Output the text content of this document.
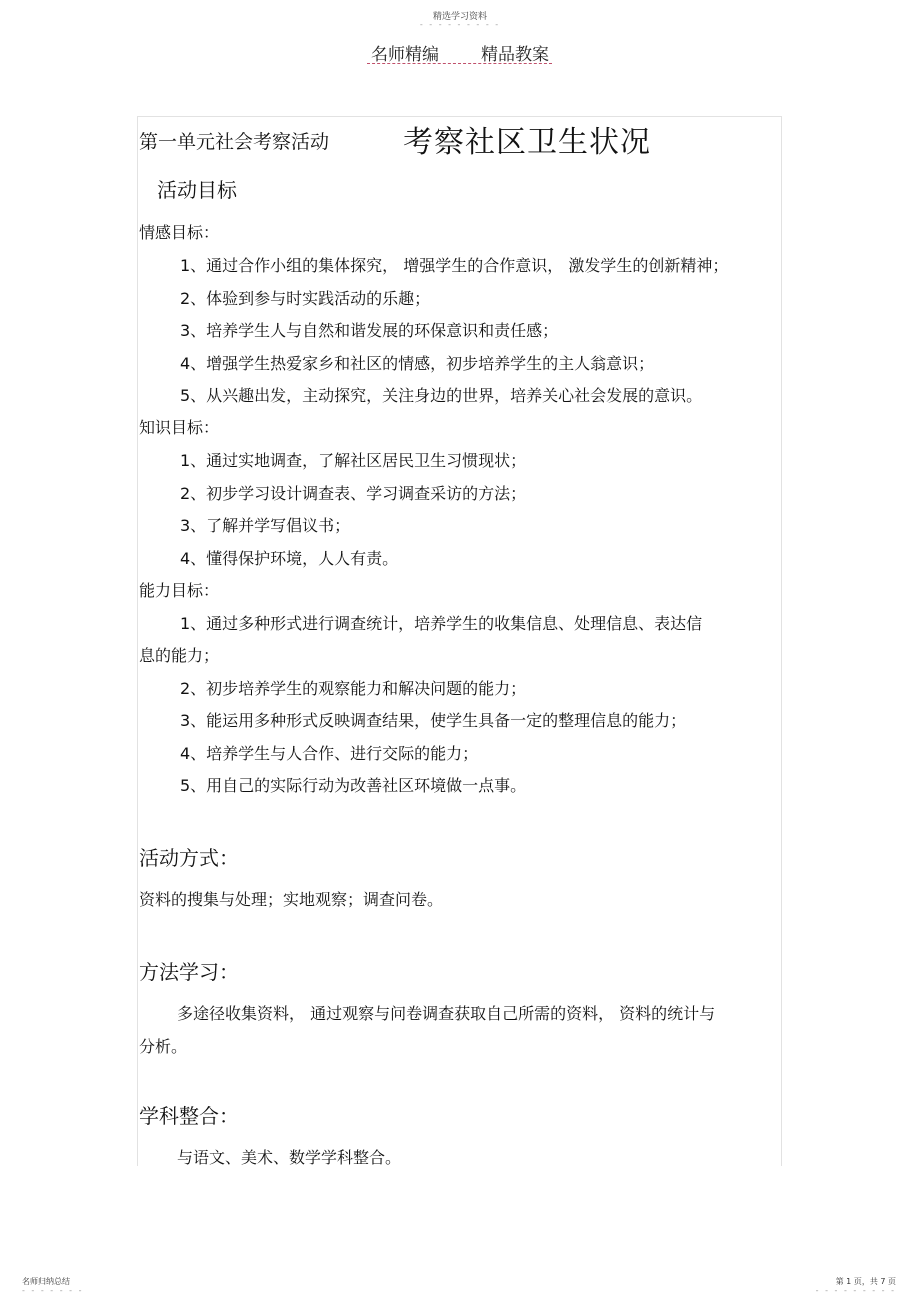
精选学习资料
- - - - - - - - -
名师精编 精品教案
第一单元社会考察活动 考察社区卫生状况
活动目标
情感目标：
1、通过合作小组的集体探究， 增强学生的合作意识， 激发学生的创新精神；
2、体验到参与时实践活动的乐趣；
3、培养学生人与自然和谐发展的环保意识和责任感；
4、增强学生热爱家乡和社区的情感，初步培养学生的主人翁意识；
5、从兴趣出发，主动探究，关注身边的世界，培养关心社会发展的意识。
知识目标：
1、通过实地调查，了解社区居民卫生习惯现状；
2、初步学习设计调查表、学习调查采访的方法；
3、了解并学写倡议书；
4、懂得保护环境，人人有责。
能力目标：
1、通过多种形式进行调查统计，培养学生的收集信息、处理信息、表达信
息的能力；
2、初步培养学生的观察能力和解决问题的能力；
3、能运用多种形式反映调查结果，使学生具备一定的整理信息的能力；
4、培养学生与人合作、进行交际的能力；
5、用自己的实际行动为改善社区环境做一点事。
活动方式：
资料的搜集与处理；实地观察；调查问卷。
方法学习：
多途径收集资料， 通过观察与问卷调查获取自己所需的资料， 资料的统计与
分析。
学科整合：
与语文、美术、数学学科整合。
名师归纳总结
- - - - - - -
第 1 页，共 7 页
- - - - - - - - -
